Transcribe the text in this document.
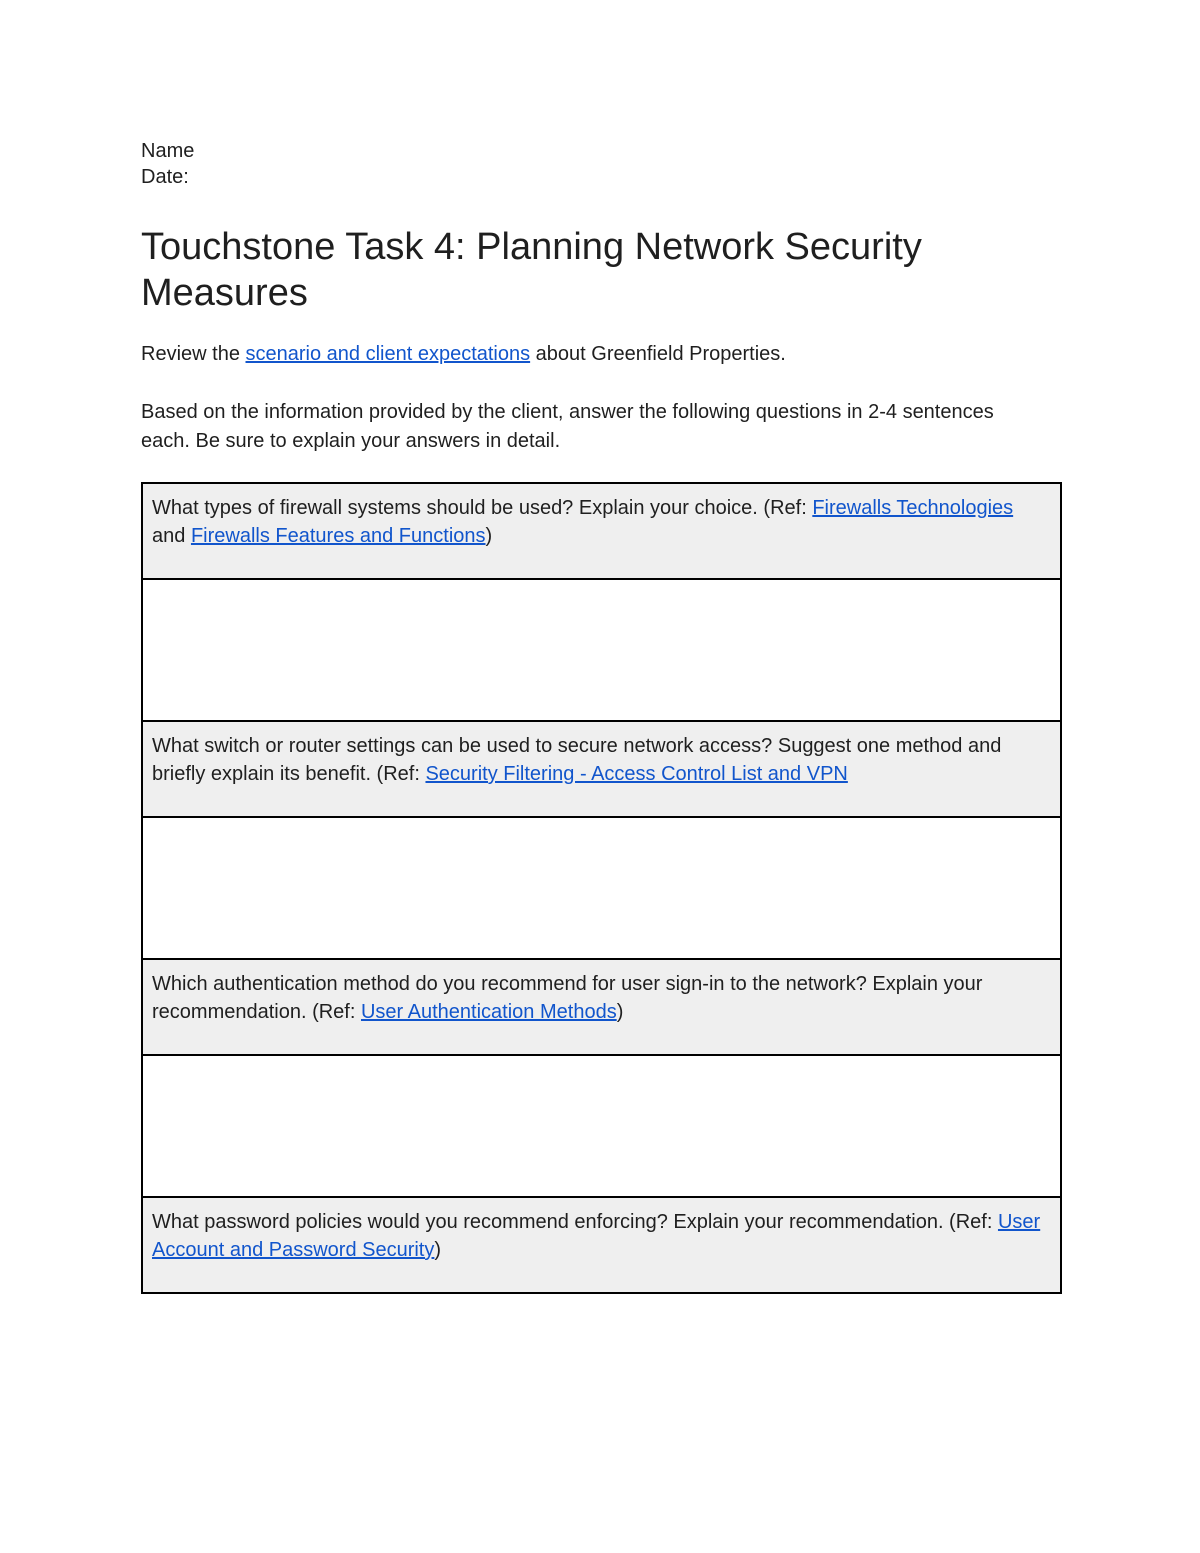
Name
Date:
Touchstone Task 4: Planning Network Security Measures
Review the scenario and client expectations about Greenfield Properties.
Based on the information provided by the client, answer the following questions in 2-4 sentences each. Be sure to explain your answers in detail.
What types of firewall systems should be used? Explain your choice. (Ref: Firewalls Technologies and Firewalls Features and Functions)

What switch or router settings can be used to secure network access? Suggest one method and briefly explain its benefit. (Ref: Security Filtering - Access Control List and VPN

Which authentication method do you recommend for user sign-in to the network? Explain your recommendation. (Ref: User Authentication Methods)

What password policies would you recommend enforcing? Explain your recommendation. (Ref: User Account and Password Security)
